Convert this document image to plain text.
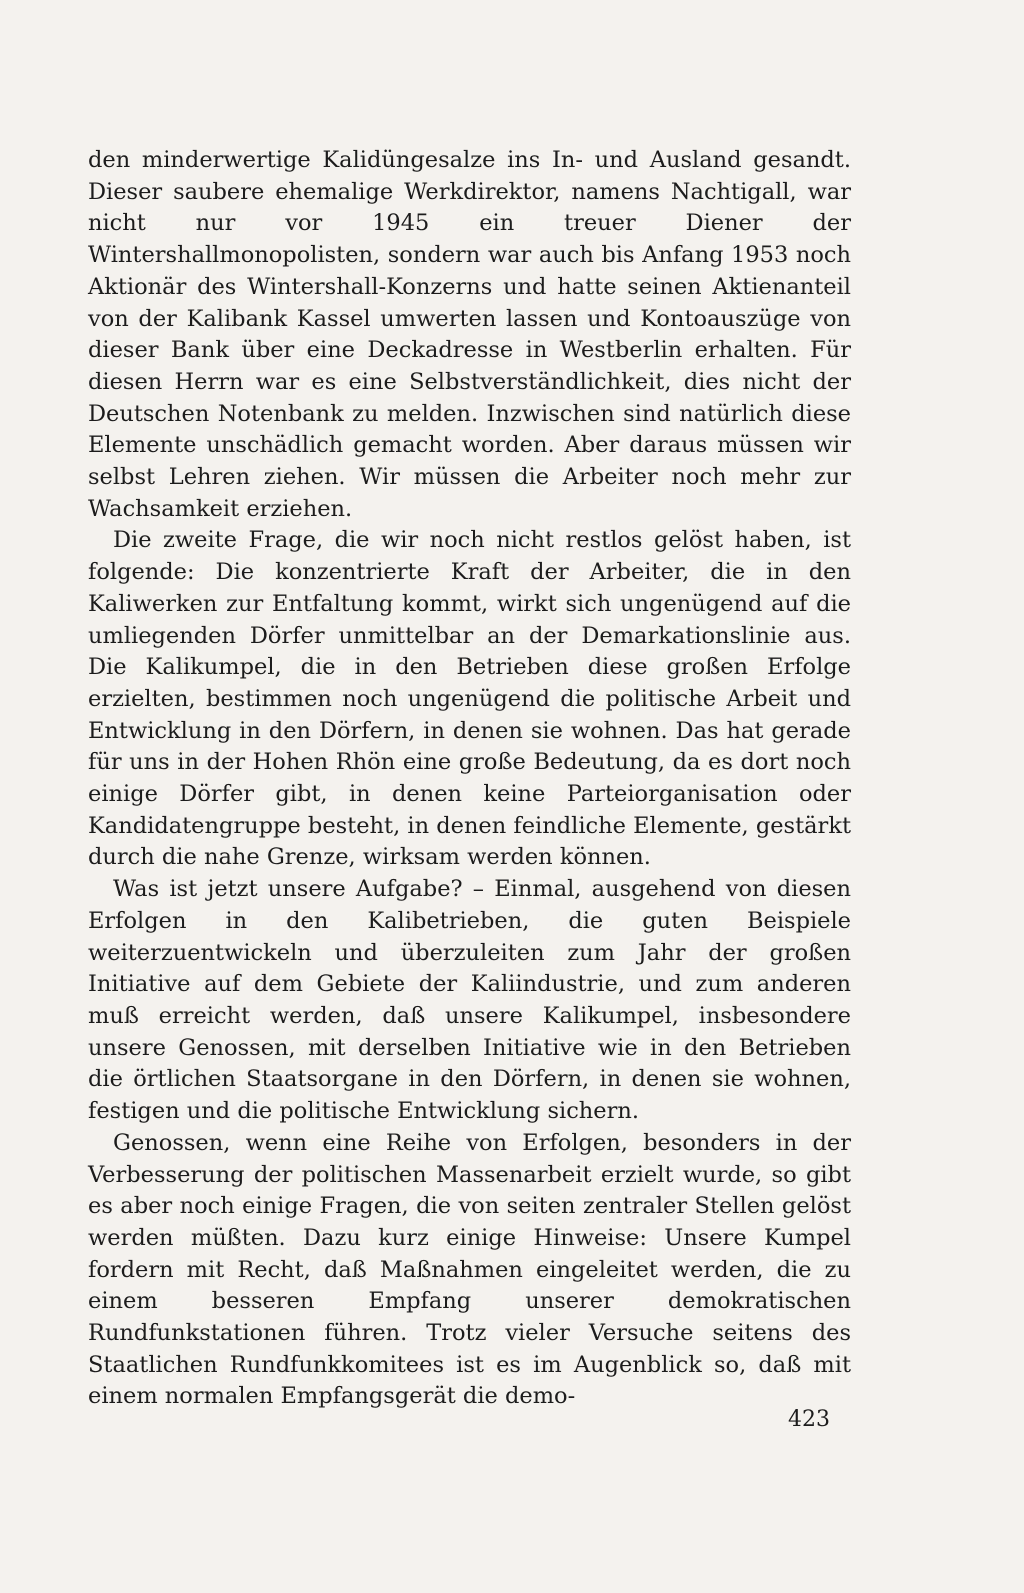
den minderwertige Kalidüngesalze ins In- und Ausland gesandt. Dieser saubere ehemalige Werkdirektor, namens Nachtigall, war nicht nur vor 1945 ein treuer Diener der Wintershallmonopolisten, sondern war auch bis Anfang 1953 noch Aktionär des Wintershall-Konzerns und hatte seinen Aktienanteil von der Kalibank Kassel umwerten lassen und Kontoauszüge von dieser Bank über eine Deckadresse in Westberlin erhalten. Für diesen Herrn war es eine Selbstverständlichkeit, dies nicht der Deutschen Notenbank zu melden. Inzwischen sind natürlich diese Elemente unschädlich gemacht worden. Aber daraus müssen wir selbst Lehren ziehen. Wir müssen die Arbeiter noch mehr zur Wachsamkeit erziehen.

Die zweite Frage, die wir noch nicht restlos gelöst haben, ist folgende: Die konzentrierte Kraft der Arbeiter, die in den Kaliwerken zur Entfaltung kommt, wirkt sich ungenügend auf die umliegenden Dörfer unmittelbar an der Demarkationslinie aus. Die Kalikumpel, die in den Betrieben diese großen Erfolge erzielten, bestimmen noch ungenügend die politische Arbeit und Entwicklung in den Dörfern, in denen sie wohnen. Das hat gerade für uns in der Hohen Rhön eine große Bedeutung, da es dort noch einige Dörfer gibt, in denen keine Parteiorganisation oder Kandidatengruppe besteht, in denen feindliche Elemente, gestärkt durch die nahe Grenze, wirksam werden können.

Was ist jetzt unsere Aufgabe? – Einmal, ausgehend von diesen Erfolgen in den Kalibetrieben, die guten Beispiele weiterzuentwickeln und überzuleiten zum Jahr der großen Initiative auf dem Gebiete der Kaliindustrie, und zum anderen muß erreicht werden, daß unsere Kalikumpel, insbesondere unsere Genossen, mit derselben Initiative wie in den Betrieben die örtlichen Staatsorgane in den Dörfern, in denen sie wohnen, festigen und die politische Entwicklung sichern.

Genossen, wenn eine Reihe von Erfolgen, besonders in der Verbesserung der politischen Massenarbeit erzielt wurde, so gibt es aber noch einige Fragen, die von seiten zentraler Stellen gelöst werden müßten. Dazu kurz einige Hinweise: Unsere Kumpel fordern mit Recht, daß Maßnahmen eingeleitet werden, die zu einem besseren Empfang unserer demokratischen Rundfunkstationen führen. Trotz vieler Versuche seitens des Staatlichen Rundfunkkomitees ist es im Augenblick so, daß mit einem normalen Empfangsgerät die demo-

423
